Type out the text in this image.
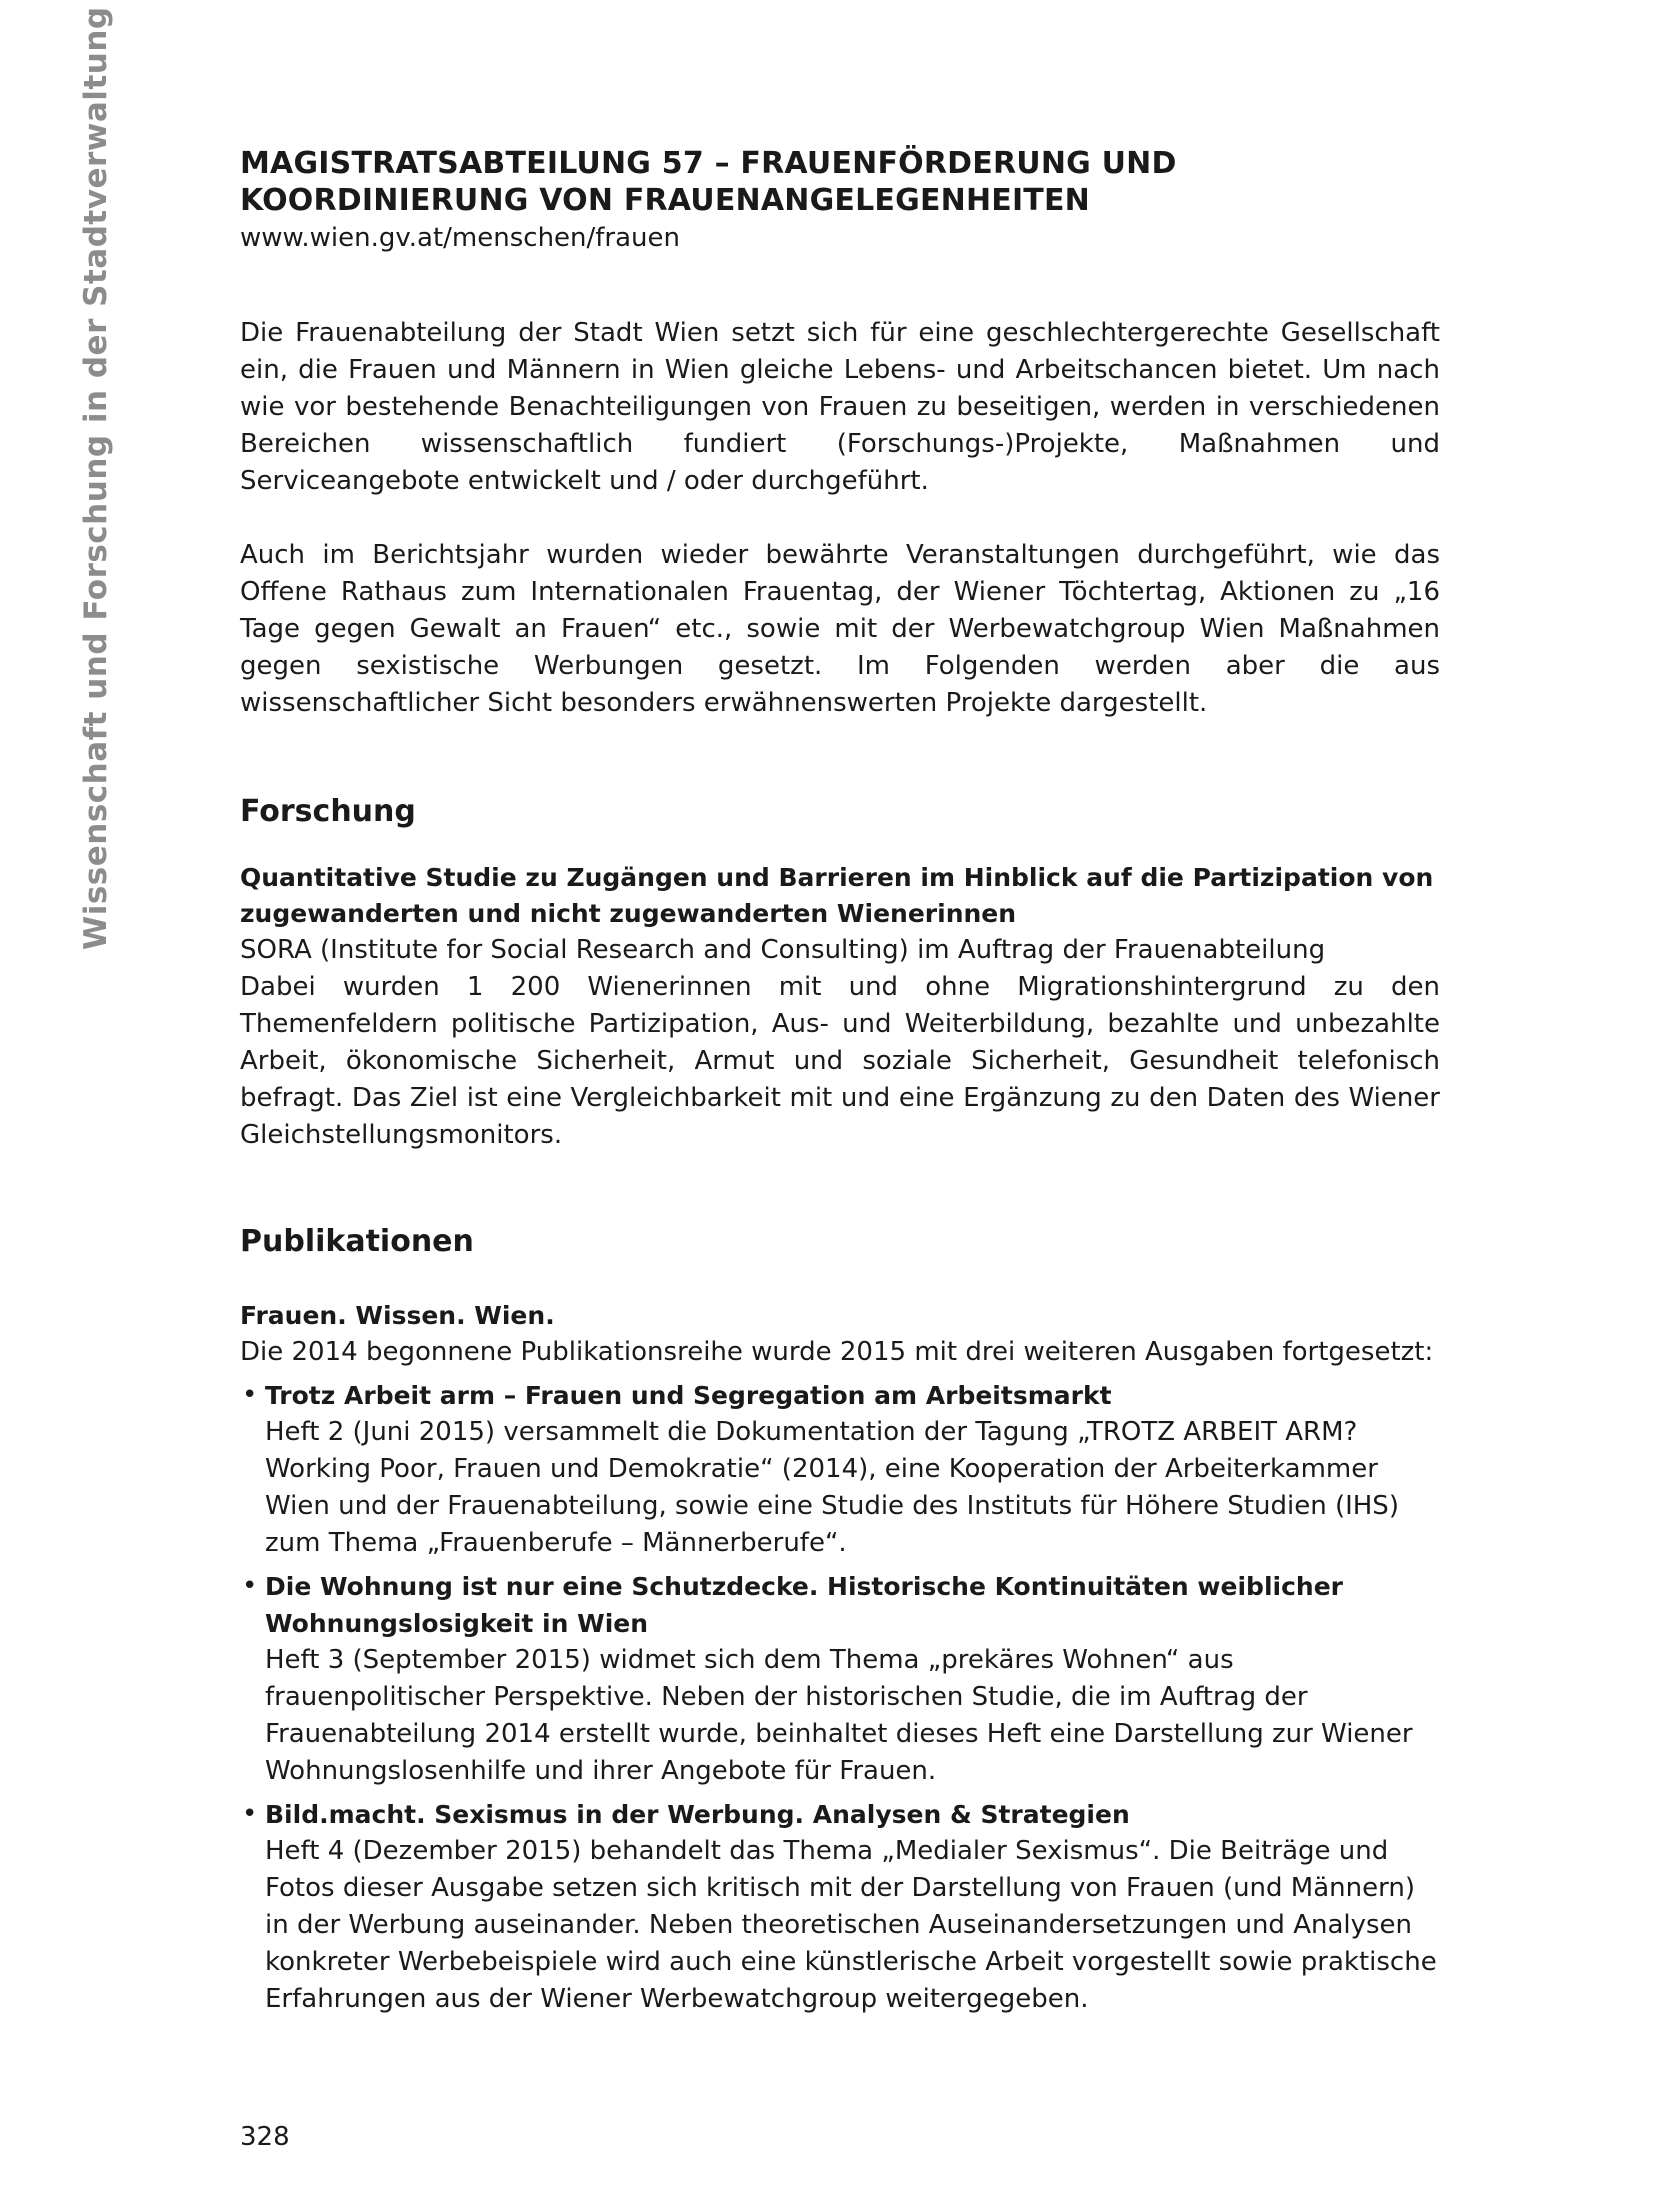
Wissenschaft und Forschung in der Stadtverwaltung	MAGISTRATSABTEILUNG 57 – FRAUENFÖRDERUNG UND KOORDINIERUNG VON FRAUENANGELEGENHEITEN
www.wien.gv.at/menschen/frauen

Die Frauenabteilung der Stadt Wien setzt sich für eine geschlechtergerechte Gesellschaft ein, die Frauen und Männern in Wien gleiche Lebens- und Arbeitschancen bietet. Um nach wie vor bestehende Benachteiligungen von Frauen zu beseitigen, werden in verschiedenen Bereichen wissenschaftlich fundiert (Forschungs-)Projekte, Maßnahmen und Serviceangebote entwickelt und / oder durchgeführt.

Auch im Berichtsjahr wurden wieder bewährte Veranstaltungen durchgeführt, wie das Offene Rathaus zum Internationalen Frauentag, der Wiener Töchtertag, Aktionen zu „16 Tage gegen Gewalt an Frauen“ etc., sowie mit der Werbewatchgroup Wien Maßnahmen gegen sexistische Werbungen gesetzt. Im Folgenden werden aber die aus wissenschaftlicher Sicht besonders erwähnenswerten Projekte dargestellt.

Forschung
Quantitative Studie zu Zugängen und Barrieren im Hinblick auf die Partizipation von zugewanderten und nicht zugewanderten Wienerinnen

SORA (Institute for Social Research and Consulting) im Auftrag der Frauenabteilung

Dabei wurden 1 200 Wienerinnen mit und ohne Migrationshintergrund zu den Themenfeldern politische Partizipation, Aus- und Weiterbildung, bezahlte und unbezahlte Arbeit, ökonomische Sicherheit, Armut und soziale Sicherheit, Gesundheit telefonisch befragt. Das Ziel ist eine Vergleichbarkeit mit und eine Ergänzung zu den Daten des Wiener Gleichstellungsmonitors.

Publikationen
Frauen. Wissen. Wien.

Die 2014 begonnene Publikationsreihe wurde 2015 mit drei weiteren Ausgaben fortgesetzt:

• Trotz Arbeit arm – Frauen und Segregation am Arbeitsmarkt
Heft 2 (Juni 2015) versammelt die Dokumentation der Tagung „TROTZ ARBEIT ARM? Working Poor, Frauen und Demokratie“ (2014), eine Kooperation der Arbeiterkammer Wien und der Frauenabteilung, sowie eine Studie des Instituts für Höhere Studien (IHS) zum Thema „Frauenberufe – Männerberufe“.
• Die Wohnung ist nur eine Schutzdecke. Historische Kontinuitäten weiblicher Wohnungslosigkeit in Wien
Heft 3 (September 2015) widmet sich dem Thema „prekäres Wohnen“ aus frauenpolitischer Perspektive. Neben der historischen Studie, die im Auftrag der Frauenabteilung 2014 erstellt wurde, beinhaltet dieses Heft eine Darstellung zur Wiener Wohnungslosenhilfe und ihrer Angebote für Frauen.
• Bild.macht. Sexismus in der Werbung. Analysen & Strategien
Heft 4 (Dezember 2015) behandelt das Thema „Medialer Sexismus“. Die Beiträge und Fotos dieser Ausgabe setzen sich kritisch mit der Darstellung von Frauen (und Männern) in der Werbung auseinander. Neben theoretischen Auseinandersetzungen und Analysen konkreter Werbebeispiele wird auch eine künstlerische Arbeit vorgestellt sowie praktische Erfahrungen aus der Wiener Werbewatchgroup weitergegeben.
328
